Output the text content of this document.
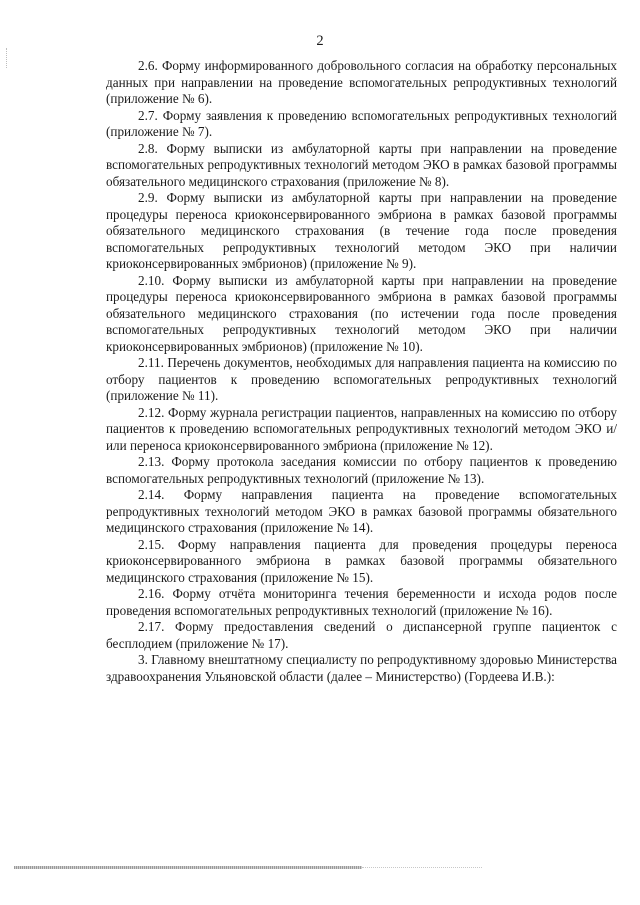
2

2.6. Форму информированного добровольного согласия на обработку персональных данных при направлении на проведение вспомогательных репродуктивных технологий (приложение № 6).

2.7. Форму заявления к проведению вспомогательных репродуктивных технологий (приложение № 7).

2.8. Форму выписки из амбулаторной карты при направлении на проведение вспомогательных репродуктивных технологий методом ЭКО в рамках базовой программы обязательного медицинского страхования (приложение № 8).

2.9. Форму выписки из амбулаторной карты при направлении на проведение процедуры переноса криоконсервированного эмбриона в рамках базовой программы обязательного медицинского страхования (в течение года после проведения вспомогательных репродуктивных технологий методом ЭКО при наличии криоконсервированных эмбрионов) (приложение № 9).

2.10. Форму выписки из амбулаторной карты при направлении на проведение процедуры переноса криоконсервированного эмбриона в рамках базовой программы обязательного медицинского страхования (по истечении года после проведения вспомогательных репродуктивных технологий методом ЭКО при наличии криоконсервированных эмбрионов) (приложение № 10).

2.11. Перечень документов, необходимых для направления пациента на комиссию по отбору пациентов к проведению вспомогательных репродуктивных технологий (приложение № 11).

2.12. Форму журнала регистрации пациентов, направленных на комиссию по отбору пациентов к проведению вспомогательных репродуктивных технологий методом ЭКО и/или переноса криоконсервированного эмбриона (приложение № 12).

2.13. Форму протокола заседания комиссии по отбору пациентов к проведению вспомогательных репродуктивных технологий (приложение № 13).

2.14. Форму направления пациента на проведение вспомогательных репродуктивных технологий методом ЭКО в рамках базовой программы обязательного медицинского страхования (приложение № 14).

2.15. Форму направления пациента для проведения процедуры переноса криоконсервированного эмбриона в рамках базовой программы обязательного медицинского страхования (приложение № 15).

2.16. Форму отчёта мониторинга течения беременности и исхода родов после проведения вспомогательных репродуктивных технологий (приложение № 16).

2.17. Форму предоставления сведений о диспансерной группе пациенток с бесплодием (приложение № 17).

3. Главному внештатному специалисту по репродуктивному здоровью Министерства здравоохранения Ульяновской области (далее – Министерство) (Гордеева И.В.):
